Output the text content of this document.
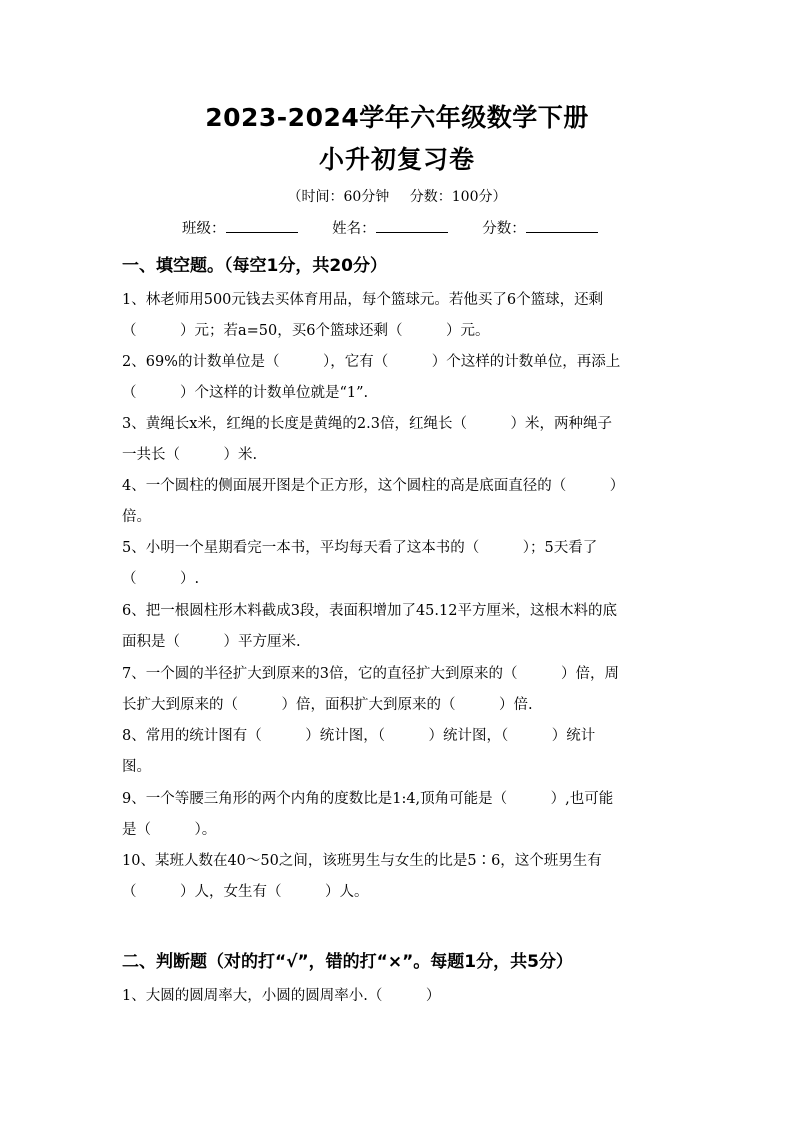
2023-2024学年六年级数学下册
小升初复习卷
（时间：60分钟 分数：100分）
班级：	姓名：	分数：
一、填空题。（每空1分，共20分）
1、林老师用500元钱去买体育用品，每个篮球元。若他买了6个篮球，还剩
（　　　）元；若a=50，买6个篮球还剩（　　　）元。
2、69%的计数单位是（　　　），它有（　　　）个这样的计数单位，再添上
（　　　）个这样的计数单位就是“1”.
3、黄绳长x米，红绳的长度是黄绳的2.3倍，红绳长（　　　）米，两种绳子
一共长（　　　）米.
4、一个圆柱的侧面展开图是个正方形，这个圆柱的高是底面直径的（　　　）
倍。
5、小明一个星期看完一本书，平均每天看了这本书的（　　　）；5天看了
（　　　）.
6、把一根圆柱形木料截成3段，表面积增加了45.12平方厘米，这根木料的底
面积是（　　　）平方厘米.
7、一个圆的半径扩大到原来的3倍，它的直径扩大到原来的（　　　）倍，周
长扩大到原来的（　　　）倍，面积扩大到原来的（　　　）倍.
8、常用的统计图有（　　　）统计图，（　　　）统计图，（　　　）统计
图。
9、一个等腰三角形的两个内角的度数比是1:4,顶角可能是（　　　）,也可能
是（　　　）。
10、某班人数在40～50之间，该班男生与女生的比是5∶6，这个班男生有
（　　　）人，女生有（　　　）人。
二、判断题（对的打“√”，错的打“×”。每题1分，共5分）
1、大圆的圆周率大，小圆的圆周率小.（　　　）
